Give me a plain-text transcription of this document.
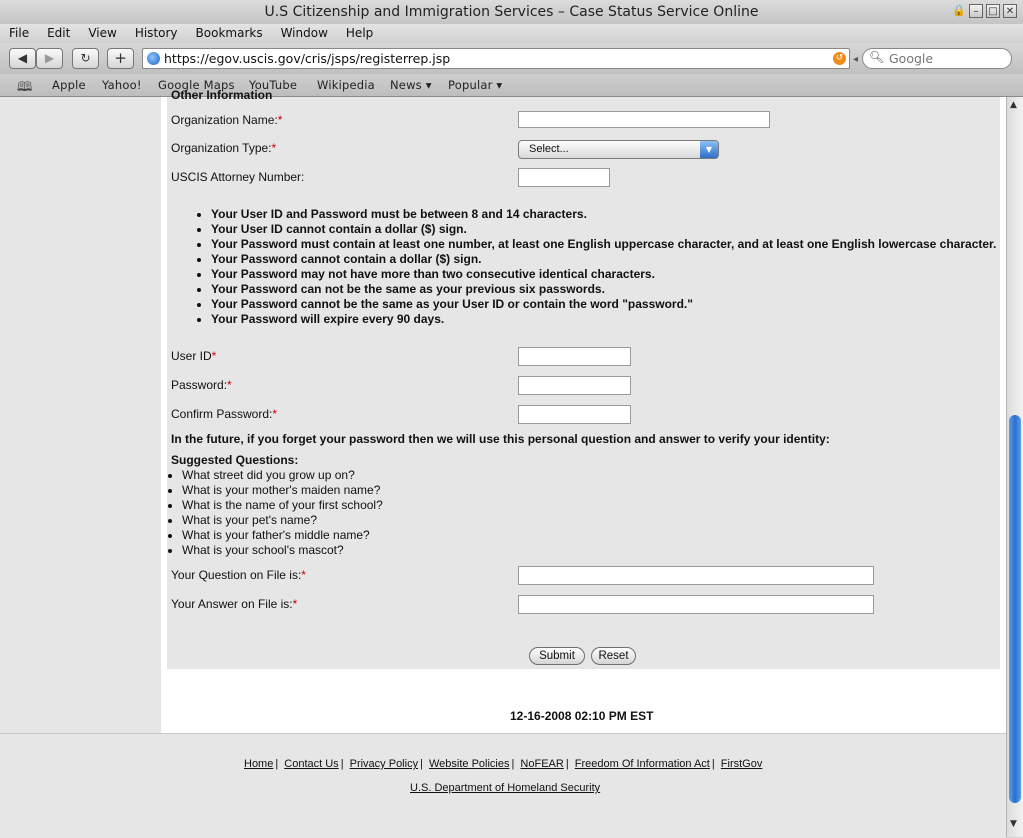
U.S Citizenship and Immigration Services – Case Status Service Online	🔒 – □ ✕
File	Edit	View	History	Bookmarks	Window	Help
◀	▶	↻	+	https://egov.uscis.gov/cris/jsps/registerrep.jsp	↺ ◂ 🔍︎
Google
🕮︎ Apple Yahoo! Google Maps YouTube Wikipedia News ▾ Popular ▾
Other Information
Organization Name:*
Organization Type:*	Select...	▼
USCIS Attorney Number:
• Your User ID and Password must be between 8 and 14 characters.
• Your User ID cannot contain a dollar ($) sign.
• Your Password must contain at least one number, at least one English uppercase character, and at least one English lowercase character.
• Your Password cannot contain a dollar ($) sign.
• Your Password may not have more than two consecutive identical characters.
• Your Password can not be the same as your previous six passwords.
• Your Password cannot be the same as your User ID or contain the word "password."
• Your Password will expire every 90 days.
User ID*
Password:*
Confirm Password:*
In the future, if you forget your password then we will use this personal question and answer to verify your identity:
Suggested Questions:
• What street did you grow up on?
• What is your mother's maiden name?
• What is the name of your first school?
• What is your pet's name?
• What is your father's middle name?
• What is your school's mascot?
Your Question on File is:*
Your Answer on File is:*
Submit	Reset
12-16-2008 02:10 PM EST
Home | Contact Us | Privacy Policy | Website Policies | NoFEAR | Freedom Of Information Act | FirstGov
U.S. Department of Homeland Security
▲
▼
